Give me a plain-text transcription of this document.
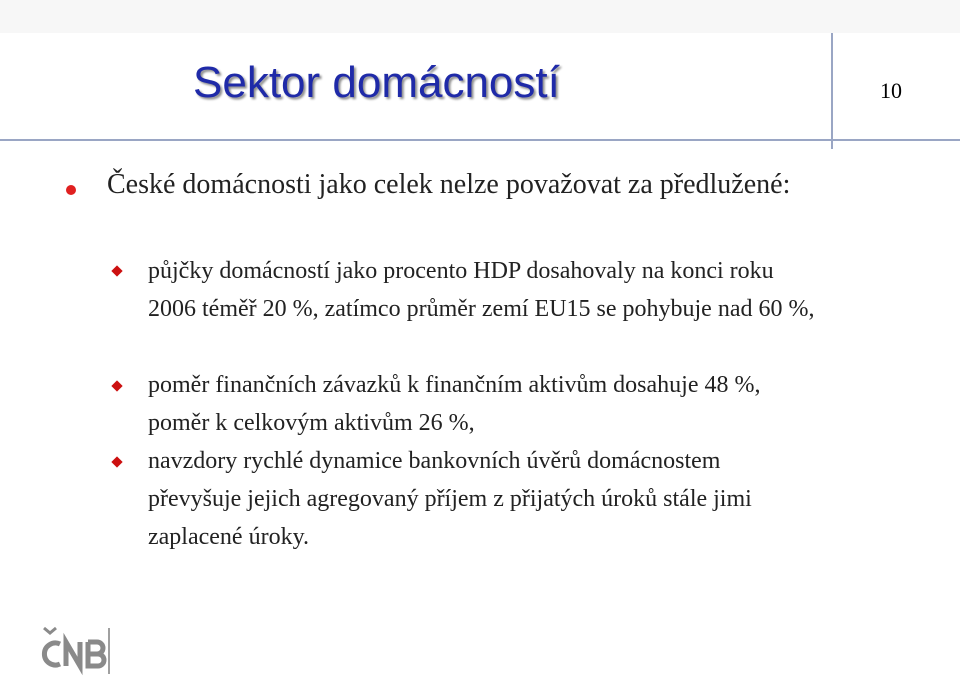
Sektor domácností	10

České domácnosti jako celek nelze považovat za předlužené:

půjčky domácností jako procento HDP dosahovaly na konci roku 2006 téměř 20 %, zatímco průměr zemí EU15 se pohybuje nad 60 %,

poměr finančních závazků k finančním aktivům dosahuje 48 %, poměr k celkovým aktivům 26 %,

navzdory rychlé dynamice bankovních úvěrů domácnostem převyšuje jejich agregovaný příjem z přijatých úroků stále jimi zaplacené úroky.
